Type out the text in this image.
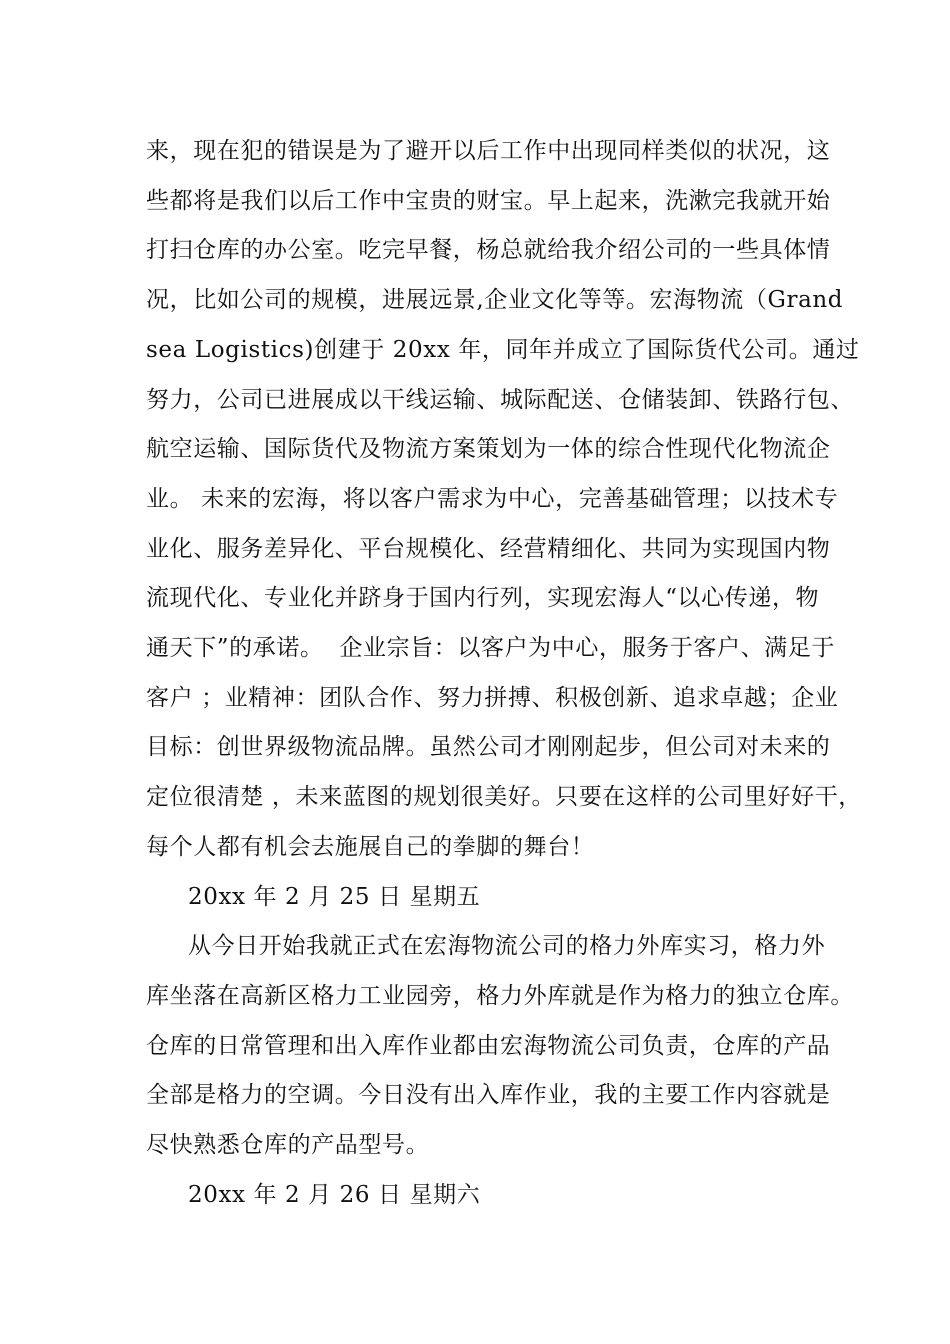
来，现在犯的错误是为了避开以后工作中出现同样类似的状况，这
些都将是我们以后工作中宝贵的财宝。早上起来，洗漱完我就开始
打扫仓库的办公室。吃完早餐，杨总就给我介绍公司的一些具体情
况，比如公司的规模，进展远景,企业文化等等。宏海物流（Grand
sea Logistics)创建于 20xx 年，同年并成立了国际货代公司。通过
努力，公司已进展成以干线运输、城际配送、仓储装卸、铁路行包、
航空运输、国际货代及物流方案策划为一体的综合性现代化物流企
业。 未来的宏海，将以客户需求为中心，完善基础管理；以技术专
业化、服务差异化、平台规模化、经营精细化、共同为实现国内物
流现代化、专业化并跻身于国内行列，实现宏海人“以心传递，物
通天下”的承诺。  企业宗旨：以客户为中心，服务于客户、满足于
客户 ；业精神：团队合作、努力拼搏、积极创新、追求卓越；企业
目标：创世界级物流品牌。虽然公司才刚刚起步，但公司对未来的
定位很清楚 ，未来蓝图的规划很美好。只要在这样的公司里好好干，
每个人都有机会去施展自己的拳脚的舞台！
20xx 年 2 月 25 日 星期五
从今日开始我就正式在宏海物流公司的格力外库实习，格力外
库坐落在高新区格力工业园旁，格力外库就是作为格力的独立仓库。
仓库的日常管理和出入库作业都由宏海物流公司负责，仓库的产品
全部是格力的空调。今日没有出入库作业，我的主要工作内容就是
尽快熟悉仓库的产品型号。
20xx 年 2 月 26 日 星期六
